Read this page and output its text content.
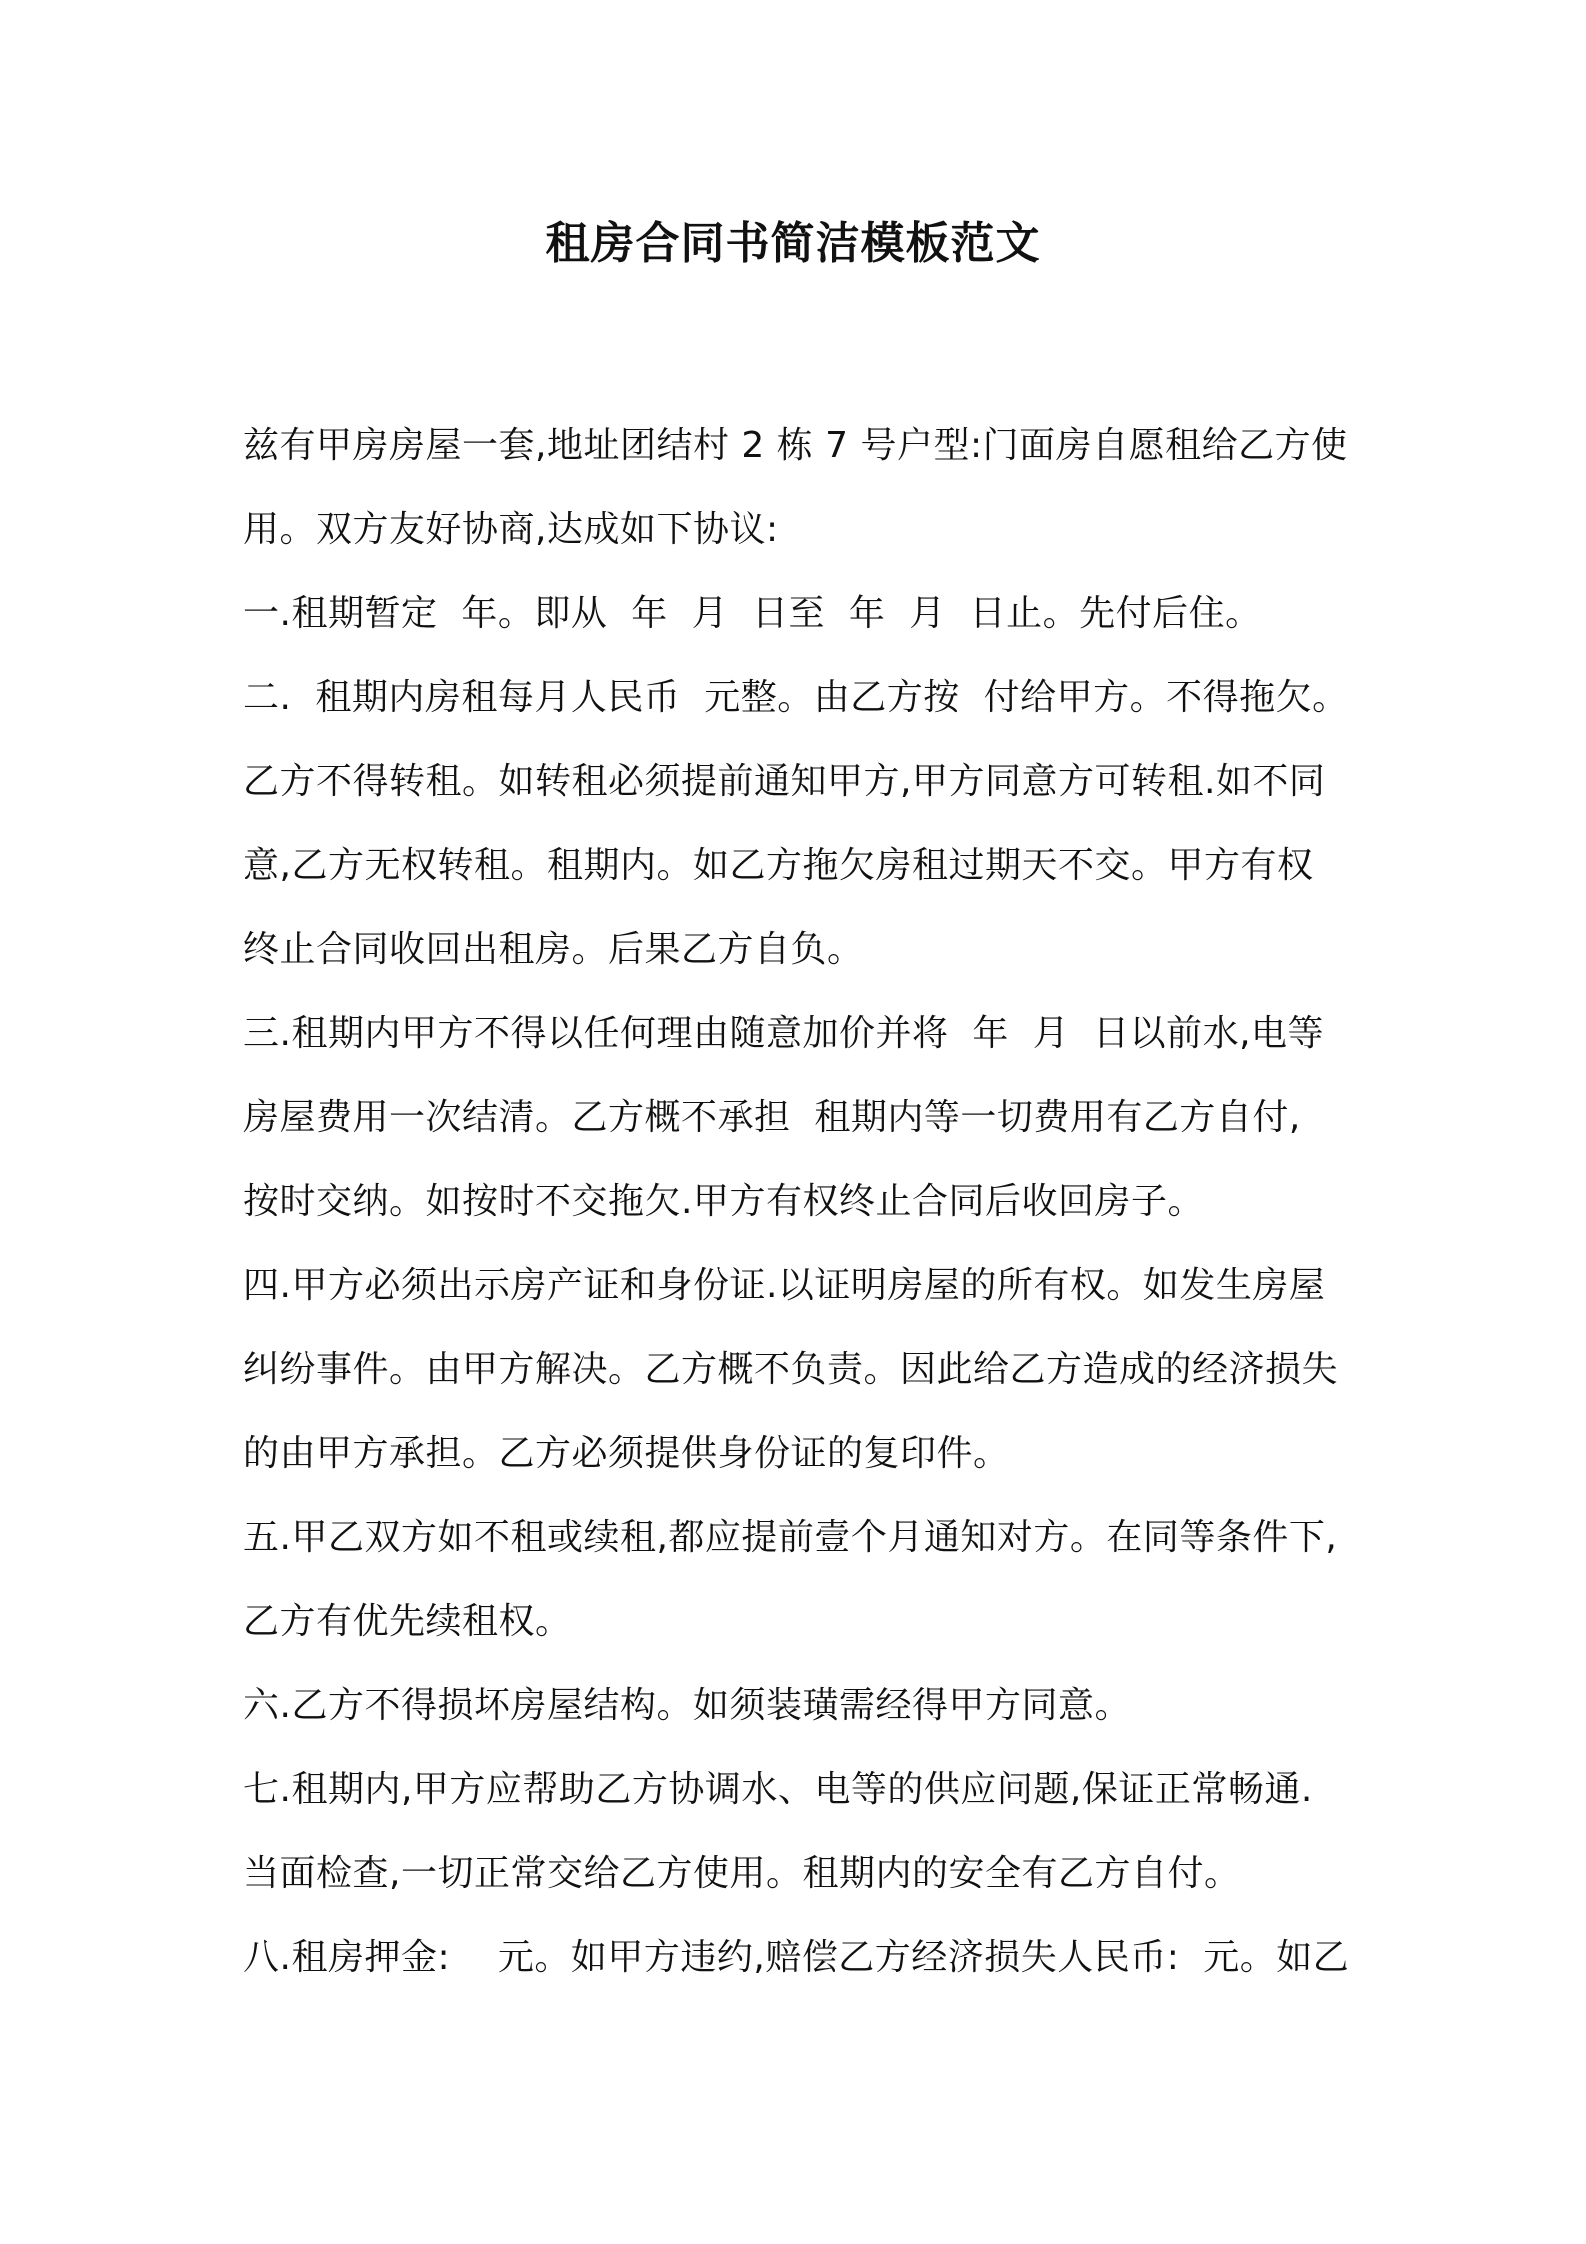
租房合同书简洁模板范文

兹有甲房房屋一套,地址团结村 2 栋 7 号户型:门面房自愿租给乙方使

用。双方友好协商,达成如下协议:

一.租期暂定  年。即从  年  月  日至  年  月  日止。先付后住。

二.  租期内房租每月人民币  元整。由乙方按  付给甲方。不得拖欠。

乙方不得转租。如转租必须提前通知甲方,甲方同意方可转租.如不同

意,乙方无权转租。租期内。如乙方拖欠房租过期天不交。甲方有权

终止合同收回出租房。后果乙方自负。

三.租期内甲方不得以任何理由随意加价并将  年  月  日以前水,电等

房屋费用一次结清。乙方概不承担  租期内等一切费用有乙方自付,

按时交纳。如按时不交拖欠.甲方有权终止合同后收回房子。

四.甲方必须出示房产证和身份证.以证明房屋的所有权。如发生房屋

纠纷事件。由甲方解决。乙方概不负责。因此给乙方造成的经济损失

的由甲方承担。乙方必须提供身份证的复印件。

五.甲乙双方如不租或续租,都应提前壹个月通知对方。在同等条件下,

乙方有优先续租权。

六.乙方不得损坏房屋结构。如须装璜需经得甲方同意。

七.租期内,甲方应帮助乙方协调水、电等的供应问题,保证正常畅通.

当面检查,一切正常交给乙方使用。租期内的安全有乙方自付。

八.租房押金:    元。如甲方违约,赔偿乙方经济损失人民币:  元。如乙
